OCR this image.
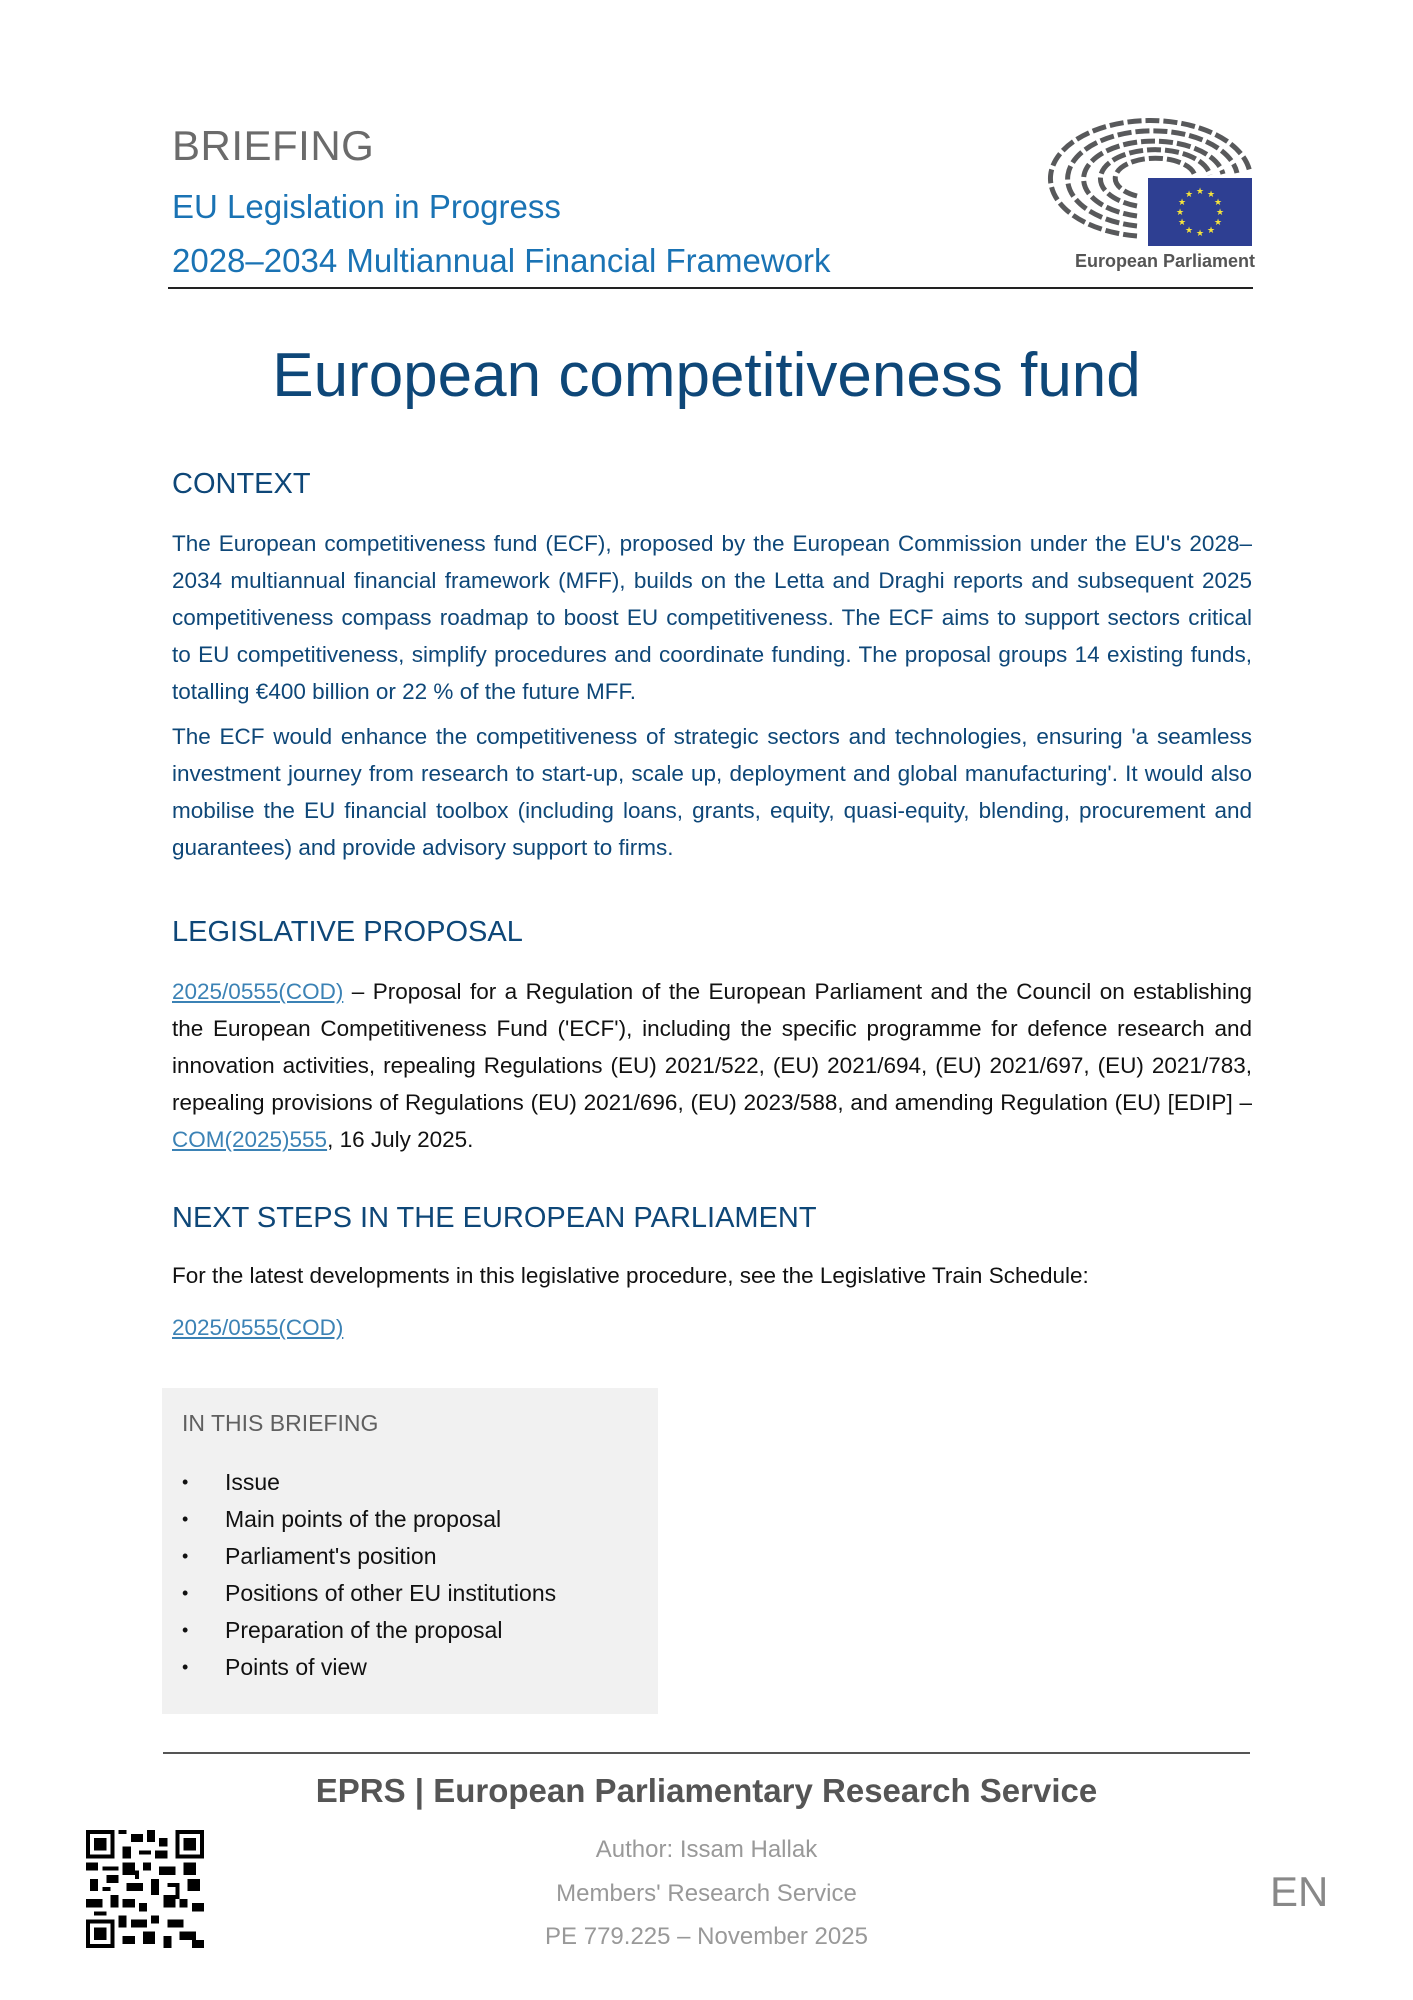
BRIEFING
EU Legislation in Progress
2028–2034 Multiannual Financial Framework
★ ★
★
★
★
★
★
★
★
★
★
★
European Parliament
European competitiveness fund
CONTEXT

The European competitiveness fund (ECF), proposed by the European Commission under the EU's 2028–2034 multiannual financial framework (MFF), builds on the Letta and Draghi reports and subsequent 2025 competitiveness compass roadmap to boost EU competitiveness. The ECF aims to support sectors critical to EU competitiveness, simplify procedures and coordinate funding. The proposal groups 14 existing funds, totalling €400 billion or 22 % of the future MFF.

The ECF would enhance the competitiveness of strategic sectors and technologies, ensuring 'a seamless investment journey from research to start-up, scale up, deployment and global manufacturing'. It would also mobilise the EU financial toolbox (including loans, grants, equity, quasi-equity, blending, procurement and guarantees) and provide advisory support to firms.

LEGISLATIVE PROPOSAL

2025/0555(COD) – Proposal for a Regulation of the European Parliament and the Council on establishing the European Competitiveness Fund ('ECF'), including the specific programme for defence research and innovation activities, repealing Regulations (EU) 2021/522, (EU) 2021/694, (EU) 2021/697, (EU) 2021/783, repealing provisions of Regulations (EU) 2021/696, (EU) 2023/588, and amending Regulation (EU) [EDIP] – COM(2025)555, 16 July 2025.

NEXT STEPS IN THE EUROPEAN PARLIAMENT

For the latest developments in this legislative procedure, see the Legislative Train Schedule:

2025/0555(COD)

IN THIS BRIEFING
•	Issue
•	Main points of the proposal
•	Parliament's position
•	Positions of other EU institutions
•	Preparation of the proposal
•	Points of view
EPRS | European Parliamentary Research Service
Author: Issam Hallak
Members' Research Service
PE 779.225 – November 2025
EN
